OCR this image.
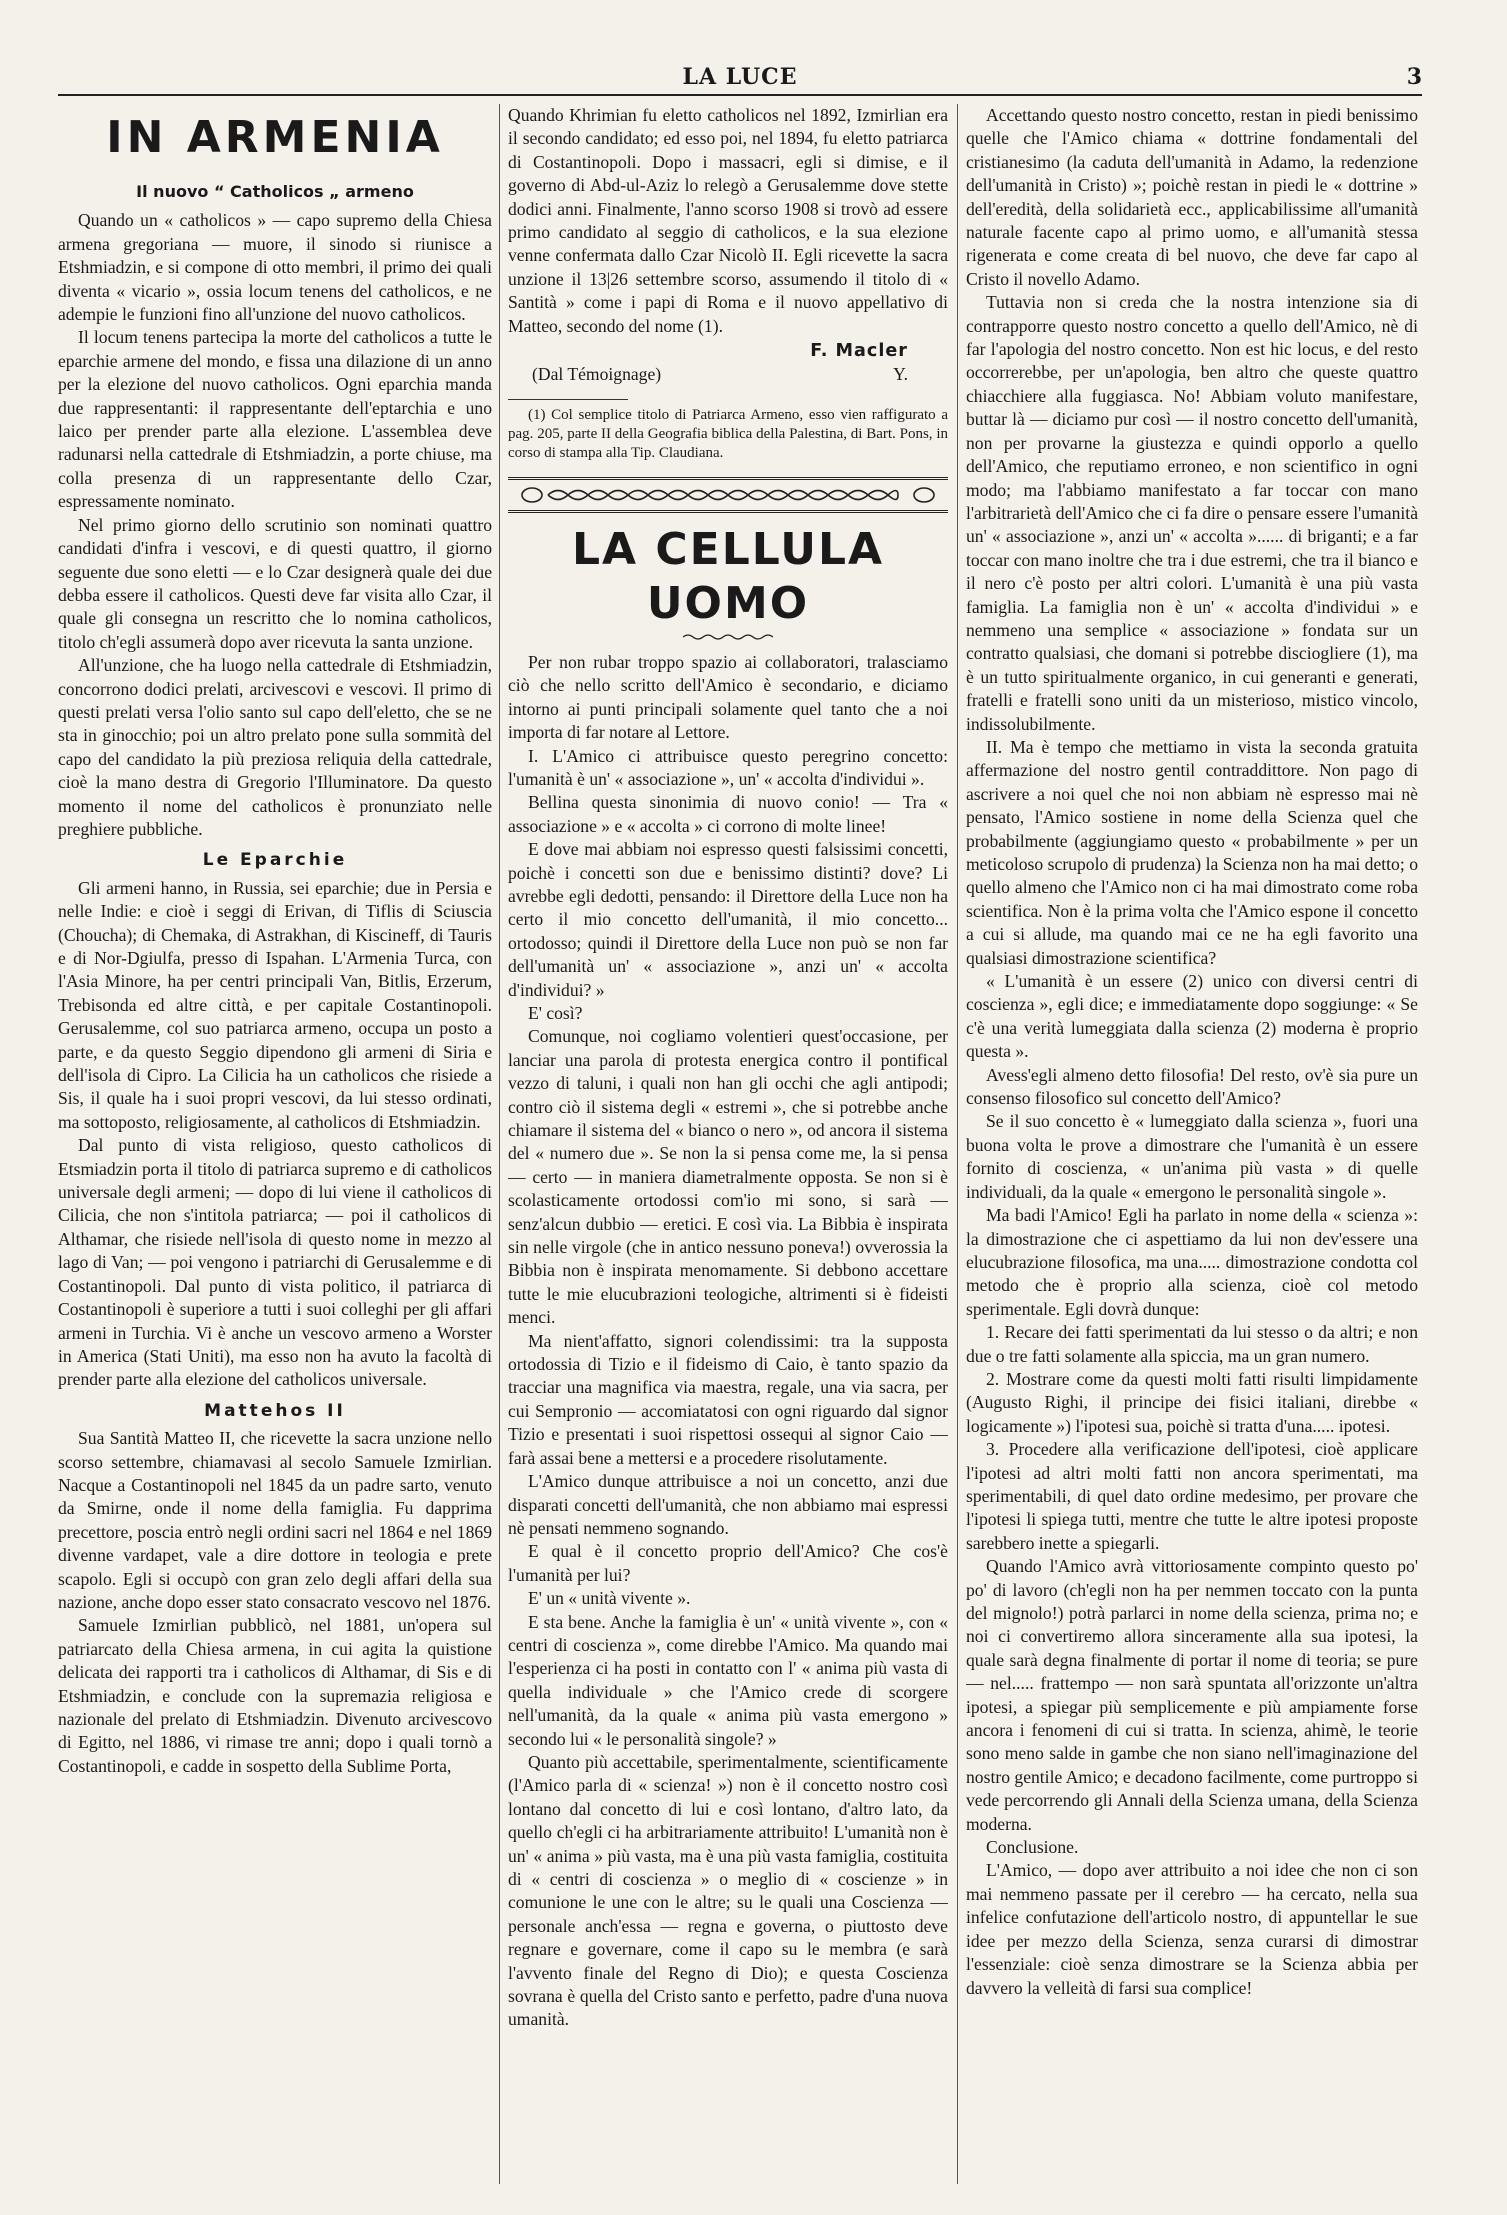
LA LUCE	3
IN ARMENIA
Il nuovo “ Catholicos „ armeno

Quando un « catholicos » — capo supremo della Chiesa armena gregoriana — muore, il sinodo si riunisce a Etshmiadzin, e si compone di otto membri, il primo dei quali diventa « vicario », ossia locum tenens del catholicos, e ne adempie le funzioni fino all'unzione del nuovo catholicos.

Il locum tenens partecipa la morte del catholicos a tutte le eparchie armene del mondo, e fissa una dilazione di un anno per la elezione del nuovo catholicos. Ogni eparchia manda due rappresentanti: il rappresentante dell'eptarchia e uno laico per prender parte alla elezione. L'assemblea deve radunarsi nella cattedrale di Etshmiadzin, a porte chiuse, ma colla presenza di un rappresentante dello Czar, espressamente nominato.

Nel primo giorno dello scrutinio son nominati quattro candidati d'infra i vescovi, e di questi quattro, il giorno seguente due sono eletti — e lo Czar designerà quale dei due debba essere il catholicos. Questi deve far visita allo Czar, il quale gli consegna un rescritto che lo nomina catholicos, titolo ch'egli assumerà dopo aver ricevuta la santa unzione.

All'unzione, che ha luogo nella cattedrale di Etshmiadzin, concorrono dodici prelati, arcivescovi e vescovi. Il primo di questi prelati versa l'olio santo sul capo dell'eletto, che se ne sta in ginocchio; poi un altro prelato pone sulla sommità del capo del candidato la più preziosa reliquia della cattedrale, cioè la mano destra di Gregorio l'Illuminatore. Da questo momento il nome del catholicos è pronunziato nelle preghiere pubbliche.

Le Eparchie

Gli armeni hanno, in Russia, sei eparchie; due in Persia e nelle Indie: e cioè i seggi di Erivan, di Tiflis di Sciuscia (Choucha); di Chemaka, di Astrakhan, di Kiscineff, di Tauris e di Nor-Dgiulfa, presso di Ispahan. L'Armenia Turca, con l'Asia Minore, ha per centri principali Van, Bitlis, Erzerum, Trebisonda ed altre città, e per capitale Costantinopoli. Gerusalemme, col suo patriarca armeno, occupa un posto a parte, e da questo Seggio dipendono gli armeni di Siria e dell'isola di Cipro. La Cilicia ha un catholicos che risiede a Sis, il quale ha i suoi propri vescovi, da lui stesso ordinati, ma sottoposto, religiosamente, al catholicos di Etshmiadzin.

Dal punto di vista religioso, questo catholicos di Etsmiadzin porta il titolo di patriarca supremo e di catholicos universale degli armeni; — dopo di lui viene il catholicos di Cilicia, che non s'intitola patriarca; — poi il catholicos di Althamar, che risiede nell'isola di questo nome in mezzo al lago di Van; — poi vengono i patriarchi di Gerusalemme e di Costantinopoli. Dal punto di vista politico, il patriarca di Costantinopoli è superiore a tutti i suoi colleghi per gli affari armeni in Turchia. Vi è anche un vescovo armeno a Worster in America (Stati Uniti), ma esso non ha avuto la facoltà di prender parte alla elezione del catholicos universale.

Mattehos II

Sua Santità Matteo II, che ricevette la sacra unzione nello scorso settembre, chiamavasi al secolo Samuele Izmirlian. Nacque a Costantinopoli nel 1845 da un padre sarto, venuto da Smirne, onde il nome della famiglia. Fu dapprima precettore, poscia entrò negli ordini sacri nel 1864 e nel 1869 divenne vardapet, vale a dire dottore in teologia e prete scapolo. Egli si occupò con gran zelo degli affari della sua nazione, anche dopo esser stato consacrato vescovo nel 1876.

Samuele Izmirlian pubblicò, nel 1881, un'opera sul patriarcato della Chiesa armena, in cui agita la quistione delicata dei rapporti tra i catholicos di Althamar, di Sis e di Etshmiadzin, e conclude con la supremazia religiosa e nazionale del prelato di Etshmiadzin. Divenuto arcivescovo di Egitto, nel 1886, vi rimase tre anni; dopo i quali tornò a Costantinopoli, e cadde in sospetto della Sublime Porta,

Quando Khrimian fu eletto catholicos nel 1892, Izmirlian era il secondo candidato; ed esso poi, nel 1894, fu eletto patriarca di Costantinopoli. Dopo i massacri, egli si dimise, e il governo di Abd-ul-Aziz lo relegò a Gerusalemme dove stette dodici anni. Finalmente, l'anno scorso 1908 si trovò ad essere primo candidato al seggio di catholicos, e la sua elezione venne confermata dallo Czar Nicolò II. Egli ricevette la sacra unzione il 13|26 settembre scorso, assumendo il titolo di « Santità » come i papi di Roma e il nuovo appellativo di Matteo, secondo del nome (1).

F. Macler
(Dal Témoignage)	Y.

(1) Col semplice titolo di Patriarca Armeno, esso vien raffigurato a pag. 205, parte II della Geografia biblica della Palestina, di Bart. Pons, in corso di stampa alla Tip. Claudiana.

LA CELLULA UOMO

Per non rubar troppo spazio ai collaboratori, tralasciamo ciò che nello scritto dell'Amico è secondario, e diciamo intorno ai punti principali solamente quel tanto che a noi importa di far notare al Lettore.

I. L'Amico ci attribuisce questo peregrino concetto: l'umanità è un' « associazione », un' « accolta d'individui ».

Bellina questa sinonimia di nuovo conio! — Tra « associazione » e « accolta » ci corrono di molte linee!

E dove mai abbiam noi espresso questi falsissimi concetti, poichè i concetti son due e benissimo distinti? dove? Li avrebbe egli dedotti, pensando: il Direttore della Luce non ha certo il mio concetto dell'umanità, il mio concetto... ortodosso; quindi il Direttore della Luce non può se non far dell'umanità un' « associazione », anzi un' « accolta d'individui? »

E' così?

Comunque, noi cogliamo volentieri quest'occasione, per lanciar una parola di protesta energica contro il pontifical vezzo di taluni, i quali non han gli occhi che agli antipodi; contro ciò il sistema degli « estremi », che si potrebbe anche chiamare il sistema del « bianco o nero », od ancora il sistema del « numero due ». Se non la si pensa come me, la si pensa — certo — in maniera diametralmente opposta. Se non si è scolasticamente ortodossi com'io mi sono, si sarà — senz'alcun dubbio — eretici. E così via. La Bibbia è inspirata sin nelle virgole (che in antico nessuno poneva!) ovverossia la Bibbia non è inspirata menomamente. Si debbono accettare tutte le mie elucubrazioni teologiche, altrimenti si è fideisti menci.

Ma nient'affatto, signori colendissimi: tra la supposta ortodossia di Tizio e il fideismo di Caio, è tanto spazio da tracciar una magnifica via maestra, regale, una via sacra, per cui Sempronio — accomiatatosi con ogni riguardo dal signor Tizio e presentati i suoi rispettosi ossequi al signor Caio — farà assai bene a mettersi e a procedere risolutamente.

L'Amico dunque attribuisce a noi un concetto, anzi due disparati concetti dell'umanità, che non abbiamo mai espressi nè pensati nemmeno sognando.

E qual è il concetto proprio dell'Amico? Che cos'è l'umanità per lui?

E' un « unità vivente ».

E sta bene. Anche la famiglia è un' « unità vivente », con « centri di coscienza », come direbbe l'Amico. Ma quando mai l'esperienza ci ha posti in contatto con l' « anima più vasta di quella individuale » che l'Amico crede di scorgere nell'umanità, da la quale « anima più vasta emergono » secondo lui « le personalità singole? »

Quanto più accettabile, sperimentalmente, scientificamente (l'Amico parla di « scienza! ») non è il concetto nostro così lontano dal concetto di lui e così lontano, d'altro lato, da quello ch'egli ci ha arbitrariamente attribuito! L'umanità non è un' « anima » più vasta, ma è una più vasta famiglia, costituita di « centri di coscienza » o meglio di « coscienze » in comunione le une con le altre; su le quali una Coscienza — personale anch'essa — regna e governa, o piuttosto deve regnare e governare, come il capo su le membra (e sarà l'avvento finale del Regno di Dio); e questa Coscienza sovrana è quella del Cristo santo e perfetto, padre d'una nuova umanità.

Accettando questo nostro concetto, restan in piedi benissimo quelle che l'Amico chiama « dottrine fondamentali del cristianesimo (la caduta dell'umanità in Adamo, la redenzione dell'umanità in Cristo) »; poichè restan in piedi le « dottrine » dell'eredità, della solidarietà ecc., applicabilissime all'umanità naturale facente capo al primo uomo, e all'umanità stessa rigenerata e come creata di bel nuovo, che deve far capo al Cristo il novello Adamo.

Tuttavia non si creda che la nostra intenzione sia di contrapporre questo nostro concetto a quello dell'Amico, nè di far l'apologia del nostro concetto. Non est hic locus, e del resto occorrerebbe, per un'apologia, ben altro che queste quattro chiacchiere alla fuggiasca. No! Abbiam voluto manifestare, buttar là — diciamo pur così — il nostro concetto dell'umanità, non per provarne la giustezza e quindi opporlo a quello dell'Amico, che reputiamo erroneo, e non scientifico in ogni modo; ma l'abbiamo manifestato a far toccar con mano l'arbitrarietà dell'Amico che ci fa dire o pensare essere l'umanità un' « associazione », anzi un' « accolta »...... di briganti; e a far toccar con mano inoltre che tra i due estremi, che tra il bianco e il nero c'è posto per altri colori. L'umanità è una più vasta famiglia. La famiglia non è un' « accolta d'individui » e nemmeno una semplice « associazione » fondata sur un contratto qualsiasi, che domani si potrebbe disciogliere (1), ma è un tutto spiritualmente organico, in cui generanti e generati, fratelli e fratelli sono uniti da un misterioso, mistico vincolo, indissolubilmente.

II. Ma è tempo che mettiamo in vista la seconda gratuita affermazione del nostro gentil contraddittore. Non pago di ascrivere a noi quel che noi non abbiam nè espresso mai nè pensato, l'Amico sostiene in nome della Scienza quel che probabilmente (aggiungiamo questo « probabilmente » per un meticoloso scrupolo di prudenza) la Scienza non ha mai detto; o quello almeno che l'Amico non ci ha mai dimostrato come roba scientifica. Non è la prima volta che l'Amico espone il concetto a cui si allude, ma quando mai ce ne ha egli favorito una qualsiasi dimostrazione scientifica?

« L'umanità è un essere (2) unico con diversi centri di coscienza », egli dice; e immediatamente dopo soggiunge: « Se c'è una verità lumeggiata dalla scienza (2) moderna è proprio questa ».

Avess'egli almeno detto filosofia! Del resto, ov'è sia pure un consenso filosofico sul concetto dell'Amico?

Se il suo concetto è « lumeggiato dalla scienza », fuori una buona volta le prove a dimostrare che l'umanità è un essere fornito di coscienza, « un'anima più vasta » di quelle individuali, da la quale « emergono le personalità singole ».

Ma badi l'Amico! Egli ha parlato in nome della « scienza »: la dimostrazione che ci aspettiamo da lui non dev'essere una elucubrazione filosofica, ma una..... dimostrazione condotta col metodo che è proprio alla scienza, cioè col metodo sperimentale. Egli dovrà dunque:

1. Recare dei fatti sperimentati da lui stesso o da altri; e non due o tre fatti solamente alla spiccia, ma un gran numero.

2. Mostrare come da questi molti fatti risulti limpidamente (Augusto Righi, il principe dei fisici italiani, direbbe « logicamente ») l'ipotesi sua, poichè si tratta d'una..... ipotesi.

3. Procedere alla verificazione dell'ipotesi, cioè applicare l'ipotesi ad altri molti fatti non ancora sperimentati, ma sperimentabili, di quel dato ordine medesimo, per provare che l'ipotesi li spiega tutti, mentre che tutte le altre ipotesi proposte sarebbero inette a spiegarli.

Quando l'Amico avrà vittoriosamente compinto questo po' po' di lavoro (ch'egli non ha per nemmen toccato con la punta del mignolo!) potrà parlarci in nome della scienza, prima no; e noi ci convertiremo allora sinceramente alla sua ipotesi, la quale sarà degna finalmente di portar il nome di teoria; se pure — nel..... frattempo — non sarà spuntata all'orizzonte un'altra ipotesi, a spiegar più semplicemente e più ampiamente forse ancora i fenomeni di cui si tratta. In scienza, ahimè, le teorie sono meno salde in gambe che non siano nell'imaginazione del nostro gentile Amico; e decadono facilmente, come purtroppo si vede percorrendo gli Annali della Scienza umana, della Scienza moderna.

Conclusione.

L'Amico, — dopo aver attribuito a noi idee che non ci son mai nemmeno passate per il cerebro — ha cercato, nella sua infelice confutazione dell'articolo nostro, di appuntellar le sue idee per mezzo della Scienza, senza curarsi di dimostrar l'essenziale: cioè senza dimostrare se la Scienza abbia per davvero la velleità di farsi sua complice!
